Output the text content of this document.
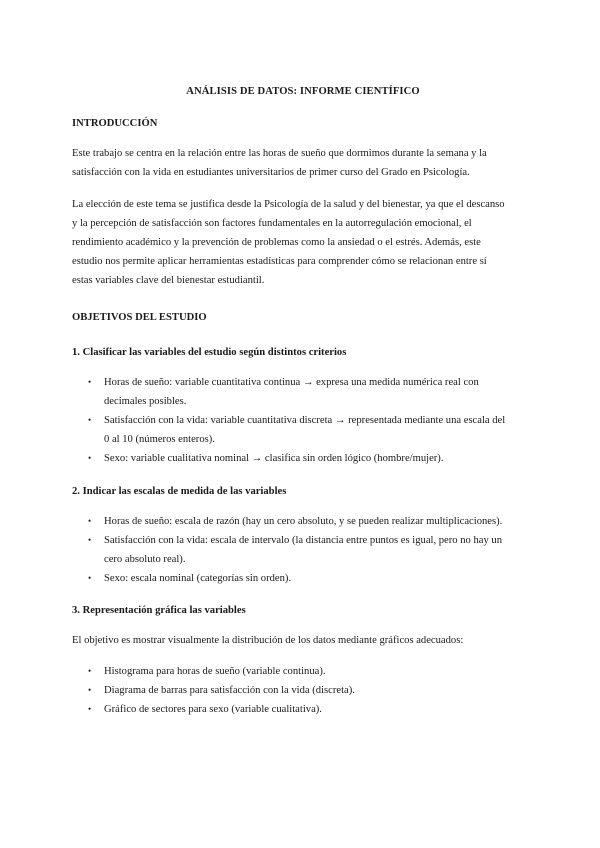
ANÁLISIS DE DATOS: INFORME CIENTÍFICO
INTRODUCCIÓN
Este trabajo se centra en la relación entre las horas de sueño que dormimos durante la semana y la
satisfacción con la vida en estudiantes universitarios de primer curso del Grado en Psicología.
La elección de este tema se justifica desde la Psicología de la salud y del bienestar, ya que el descanso
y la percepción de satisfacción son factores fundamentales en la autorregulación emocional, el
rendimiento académico y la prevención de problemas como la ansiedad o el estrés. Además, este
estudio nos permite aplicar herramientas estadísticas para comprender cómo se relacionan entre sí
estas variables clave del bienestar estudiantil.
OBJETIVOS DEL ESTUDIO
1. Clasificar las variables del estudio según distintos criterios
• Horas de sueño: variable cuantitativa continua → expresa una medida numérica real con
decimales posibles.
• Satisfacción con la vida: variable cuantitativa discreta → representada mediante una escala del
0 al 10 (números enteros).
• Sexo: variable cualitativa nominal → clasifica sin orden lógico (hombre/mujer).
2. Indicar las escalas de medida de las variables
• Horas de sueño: escala de razón (hay un cero absoluto, y se pueden realizar multiplicaciones).
• Satisfacción con la vida: escala de intervalo (la distancia entre puntos es igual, pero no hay un
cero absoluto real).
• Sexo: escala nominal (categorías sin orden).
3. Representación gráfica las variables
El objetivo es mostrar visualmente la distribución de los datos mediante gráficos adecuados:
• Histograma para horas de sueño (variable continua).
• Diagrama de barras para satisfacción con la vida (discreta).
• Gráfico de sectores para sexo (variable cualitativa).
